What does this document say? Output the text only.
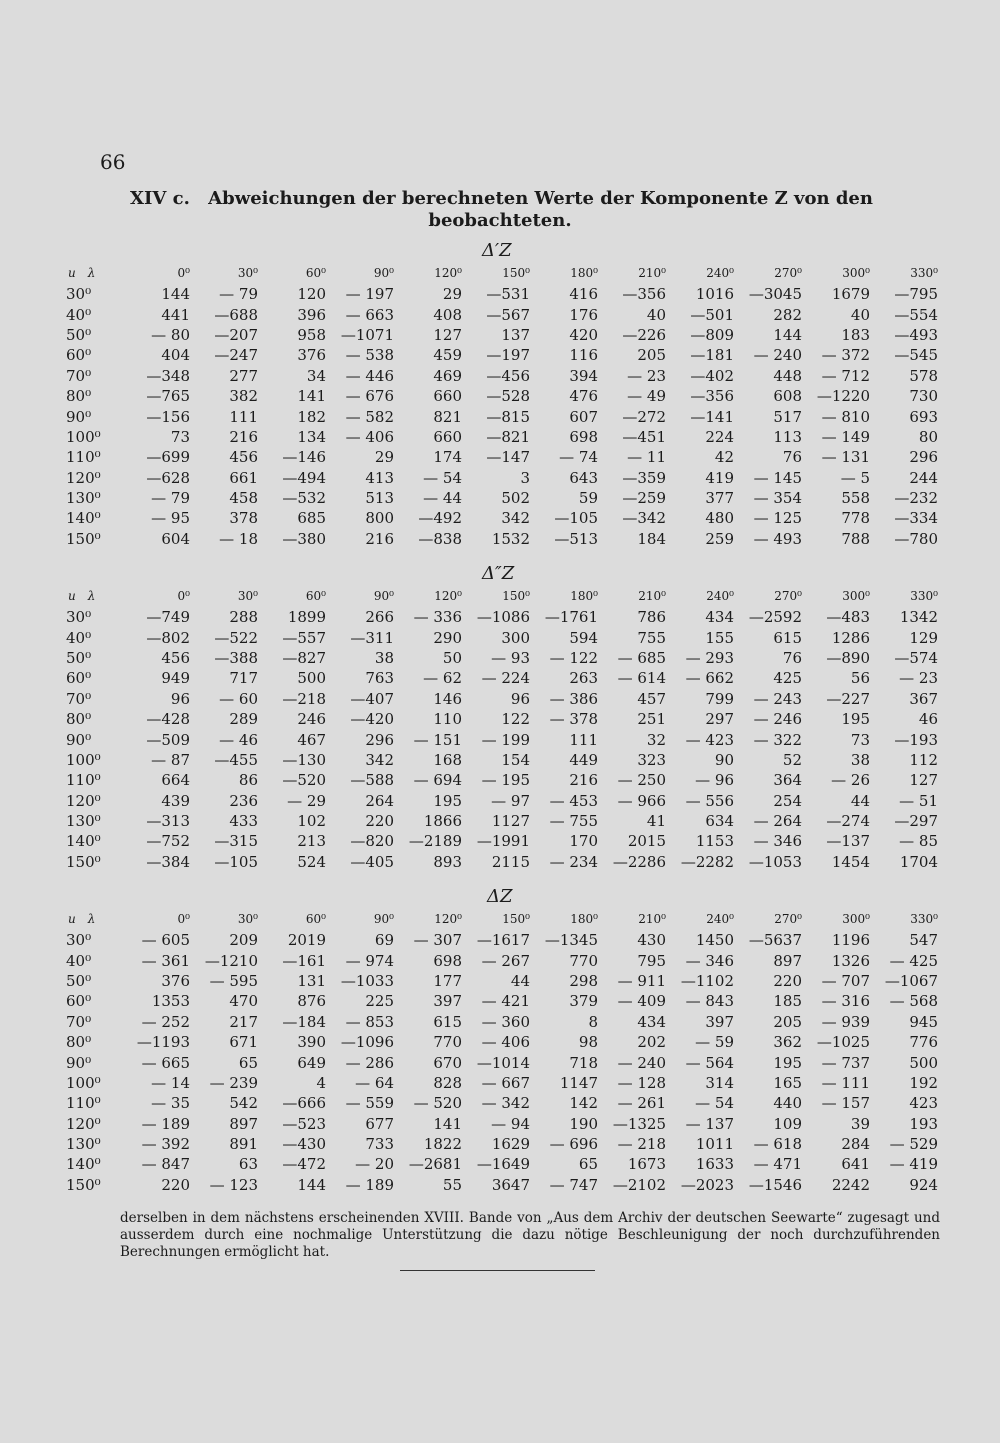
66
XIV c. Abweichungen der berechneten Werte der Komponente Z von den
beobachteten.
Δ′Z
u  λ	0⁰	30⁰	60⁰	90⁰	120⁰	150⁰	180⁰	210⁰	240⁰	270⁰	300⁰	330⁰
30⁰	144	— 79	120	— 197	29	—531	416	—356	1016	—3045	1679	—795
40⁰	441	—688	396	— 663	408	—567	176	40	—501	282	40	—554
50⁰	— 80	—207	958	—1071	127	137	420	—226	—809	144	183	—493
60⁰	404	—247	376	— 538	459	—197	116	205	—181	— 240	— 372	—545
70⁰	—348	277	34	— 446	469	—456	394	— 23	—402	448	— 712	578
80⁰	—765	382	141	— 676	660	—528	476	— 49	—356	608	—1220	730
90⁰	—156	111	182	— 582	821	—815	607	—272	—141	517	— 810	693
100⁰	73	216	134	— 406	660	—821	698	—451	224	113	— 149	80
110⁰	—699	456	—146	29	174	—147	— 74	— 11	42	76	— 131	296
120⁰	—628	661	—494	413	— 54	3	643	—359	419	— 145	— 5	244
130⁰	— 79	458	—532	513	— 44	502	59	—259	377	— 354	558	—232
140⁰	— 95	378	685	800	—492	342	—105	—342	480	— 125	778	—334
150⁰	604	— 18	—380	216	—838	1532	—513	184	259	— 493	788	—780
Δ″Z
u  λ	0⁰	30⁰	60⁰	90⁰	120⁰	150⁰	180⁰	210⁰	240⁰	270⁰	300⁰	330⁰
30⁰	—749	288	1899	266	— 336	—1086	—1761	786	434	—2592	—483	1342
40⁰	—802	—522	—557	—311	290	300	594	755	155	615	1286	129
50⁰	456	—388	—827	38	50	— 93	— 122	— 685	— 293	76	—890	—574
60⁰	949	717	500	763	— 62	— 224	263	— 614	— 662	425	56	— 23
70⁰	96	— 60	—218	—407	146	96	— 386	457	799	— 243	—227	367
80⁰	—428	289	246	—420	110	122	— 378	251	297	— 246	195	46
90⁰	—509	— 46	467	296	— 151	— 199	111	32	— 423	— 322	73	—193
100⁰	— 87	—455	—130	342	168	154	449	323	90	52	38	112
110⁰	664	86	—520	—588	— 694	— 195	216	— 250	— 96	364	— 26	127
120⁰	439	236	— 29	264	195	— 97	— 453	— 966	— 556	254	44	— 51
130⁰	—313	433	102	220	1866	1127	— 755	41	634	— 264	—274	—297
140⁰	—752	—315	213	—820	—2189	—1991	170	2015	1153	— 346	—137	— 85
150⁰	—384	—105	524	—405	893	2115	— 234	—2286	—2282	—1053	1454	1704
ΔZ
u  λ	0⁰	30⁰	60⁰	90⁰	120⁰	150⁰	180⁰	210⁰	240⁰	270⁰	300⁰	330⁰
30⁰	— 605	209	2019	69	— 307	—1617	—1345	430	1450	—5637	1196	547
40⁰	— 361	—1210	—161	— 974	698	— 267	770	795	— 346	897	1326	— 425
50⁰	376	— 595	131	—1033	177	44	298	— 911	—1102	220	— 707	—1067
60⁰	1353	470	876	225	397	— 421	379	— 409	— 843	185	— 316	— 568
70⁰	— 252	217	—184	— 853	615	— 360	8	434	397	205	— 939	945
80⁰	—1193	671	390	—1096	770	— 406	98	202	— 59	362	—1025	776
90⁰	— 665	65	649	— 286	670	—1014	718	— 240	— 564	195	— 737	500
100⁰	— 14	— 239	4	— 64	828	— 667	1147	— 128	314	165	— 111	192
110⁰	— 35	542	—666	— 559	— 520	— 342	142	— 261	— 54	440	— 157	423
120⁰	— 189	897	—523	677	141	— 94	190	—1325	— 137	109	39	193
130⁰	— 392	891	—430	733	1822	1629	— 696	— 218	1011	— 618	284	— 529
140⁰	— 847	63	—472	— 20	—2681	—1649	65	1673	1633	— 471	641	— 419
150⁰	220	— 123	144	— 189	55	3647	— 747	—2102	—2023	—1546	2242	924
derselben in dem nächstens erscheinenden XVIII. Bande von „Aus dem Archiv der deutschen Seewarte“ zugesagt und ausserdem durch eine nochmalige Unterstützung die dazu nötige Beschleunigung der noch durchzuführenden Berechnungen ermöglicht hat.
